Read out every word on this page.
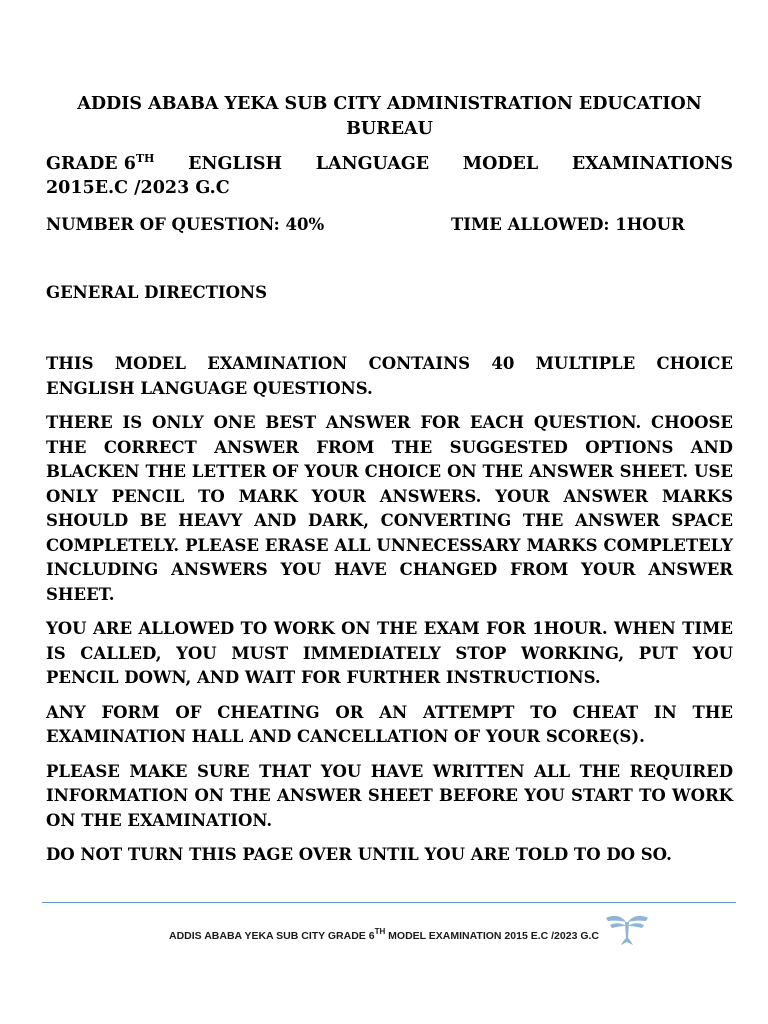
ADDIS ABABA YEKA SUB CITY ADMINISTRATION EDUCATION BUREAU
GRADE 6TH ENGLISH LANGUAGE MODEL EXAMINATIONS
2015E.C /2023 G.C
NUMBER OF QUESTION: 40%	TIME ALLOWED: 1HOUR
GENERAL DIRECTIONS

THIS MODEL EXAMINATION CONTAINS 40 MULTIPLE CHOICE ENGLISH LANGUAGE QUESTIONS.

THERE IS ONLY ONE BEST ANSWER FOR EACH QUESTION. CHOOSE THE CORRECT ANSWER FROM THE SUGGESTED OPTIONS AND BLACKEN THE LETTER OF YOUR CHOICE ON THE ANSWER SHEET. USE ONLY PENCIL TO MARK YOUR ANSWERS. YOUR ANSWER MARKS SHOULD BE HEAVY AND DARK, CONVERTING THE ANSWER SPACE COMPLETELY. PLEASE ERASE ALL UNNECESSARY MARKS COMPLETELY INCLUDING ANSWERS YOU HAVE CHANGED FROM YOUR ANSWER SHEET.

YOU ARE ALLOWED TO WORK ON THE EXAM FOR 1HOUR. WHEN TIME IS CALLED, YOU MUST IMMEDIATELY STOP WORKING, PUT YOU PENCIL DOWN, AND WAIT FOR FURTHER INSTRUCTIONS.

ANY FORM OF CHEATING OR AN ATTEMPT TO CHEAT IN THE EXAMINATION HALL AND CANCELLATION OF YOUR SCORE(S).

PLEASE MAKE SURE THAT YOU HAVE WRITTEN ALL THE REQUIRED INFORMATION ON THE ANSWER SHEET BEFORE YOU START TO WORK ON THE EXAMINATION.

DO NOT TURN THIS PAGE OVER UNTIL YOU ARE TOLD TO DO SO.

ADDIS ABABA YEKA SUB CITY GRADE 6TH MODEL EXAMINATION 2015 E.C /2023 G.C
